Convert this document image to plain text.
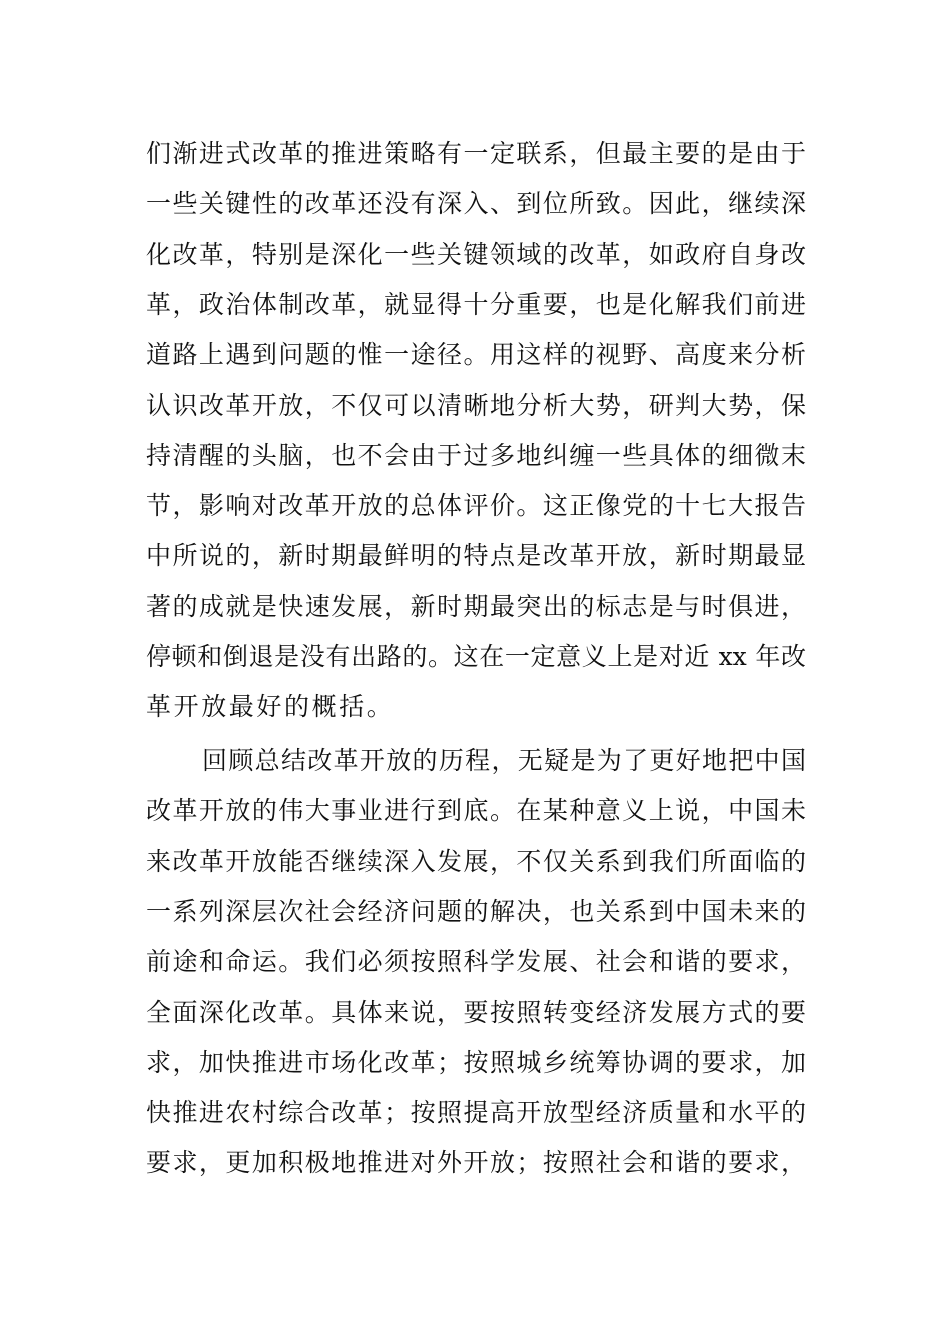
们渐进式改革的推进策略有一定联系，但最主要的是由于
一些关键性的改革还没有深入、到位所致。因此，继续深
化改革，特别是深化一些关键领域的改革，如政府自身改
革，政治体制改革，就显得十分重要，也是化解我们前进
道路上遇到问题的惟一途径。用这样的视野、高度来分析
认识改革开放，不仅可以清晰地分析大势，研判大势，保
持清醒的头脑，也不会由于过多地纠缠一些具体的细微末
节，影响对改革开放的总体评价。这正像党的十七大报告
中所说的，新时期最鲜明的特点是改革开放，新时期最显
著的成就是快速发展，新时期最突出的标志是与时俱进，
停顿和倒退是没有出路的。这在一定意义上是对近 xx 年改
革开放最好的概括。
回顾总结改革开放的历程，无疑是为了更好地把中国
改革开放的伟大事业进行到底。在某种意义上说，中国未
来改革开放能否继续深入发展，不仅关系到我们所面临的
一系列深层次社会经济问题的解决，也关系到中国未来的
前途和命运。我们必须按照科学发展、社会和谐的要求，
全面深化改革。具体来说，要按照转变经济发展方式的要
求，加快推进市场化改革；按照城乡统筹协调的要求，加
快推进农村综合改革；按照提高开放型经济质量和水平的
要求，更加积极地推进对外开放；按照社会和谐的要求，
